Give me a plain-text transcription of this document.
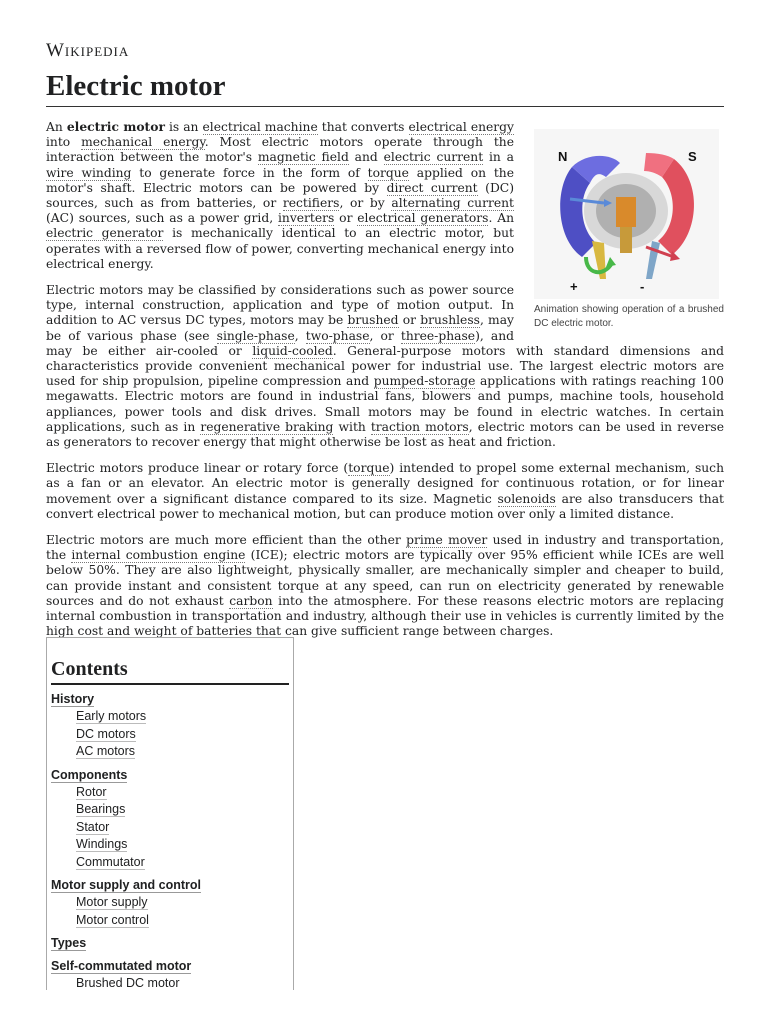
Wikipedia
Electric motor
N	S
+	-
Animation showing operation of a brushed DC electric motor.

An electric motor is an electrical machine that converts electrical energy into mechanical energy. Most electric motors operate through the interaction between the motor's magnetic field and electric current in a wire winding to generate force in the form of torque applied on the motor's shaft. Electric motors can be powered by direct current (DC) sources, such as from batteries, or rectifiers, or by alternating current (AC) sources, such as a power grid, inverters or electrical generators. An electric generator is mechanically identical to an electric motor, but operates with a reversed flow of power, converting mechanical energy into electrical energy.

Electric motors may be classified by considerations such as power source type, internal construction, application and type of motion output. In addition to AC versus DC types, motors may be brushed or brushless, may be of various phase (see single-phase, two-phase, or three-phase), and may be either air-cooled or liquid-cooled. General-purpose motors with standard dimensions and characteristics provide convenient mechanical power for industrial use. The largest electric motors are used for ship propulsion, pipeline compression and pumped-storage applications with ratings reaching 100 megawatts. Electric motors are found in industrial fans, blowers and pumps, machine tools, household appliances, power tools and disk drives. Small motors may be found in electric watches. In certain applications, such as in regenerative braking with traction motors, electric motors can be used in reverse as generators to recover energy that might otherwise be lost as heat and friction.

Electric motors produce linear or rotary force (torque) intended to propel some external mechanism, such as a fan or an elevator. An electric motor is generally designed for continuous rotation, or for linear movement over a significant distance compared to its size. Magnetic solenoids are also transducers that convert electrical power to mechanical motion, but can produce motion over only a limited distance.

Electric motors are much more efficient than the other prime mover used in industry and transportation, the internal combustion engine (ICE); electric motors are typically over 95% efficient while ICEs are well below 50%. They are also lightweight, physically smaller, are mechanically simpler and cheaper to build, can provide instant and consistent torque at any speed, can run on electricity generated by renewable sources and do not exhaust carbon into the atmosphere. For these reasons electric motors are replacing internal combustion in transportation and industry, although their use in vehicles is currently limited by the high cost and weight of batteries that can give sufficient range between charges.

Contents
History
Early motors
DC motors
AC motors
Components
Rotor
Bearings
Stator
Windings
Commutator
Motor supply and control
Motor supply
Motor control
Types
Self-commutated motor
Brushed DC motor
